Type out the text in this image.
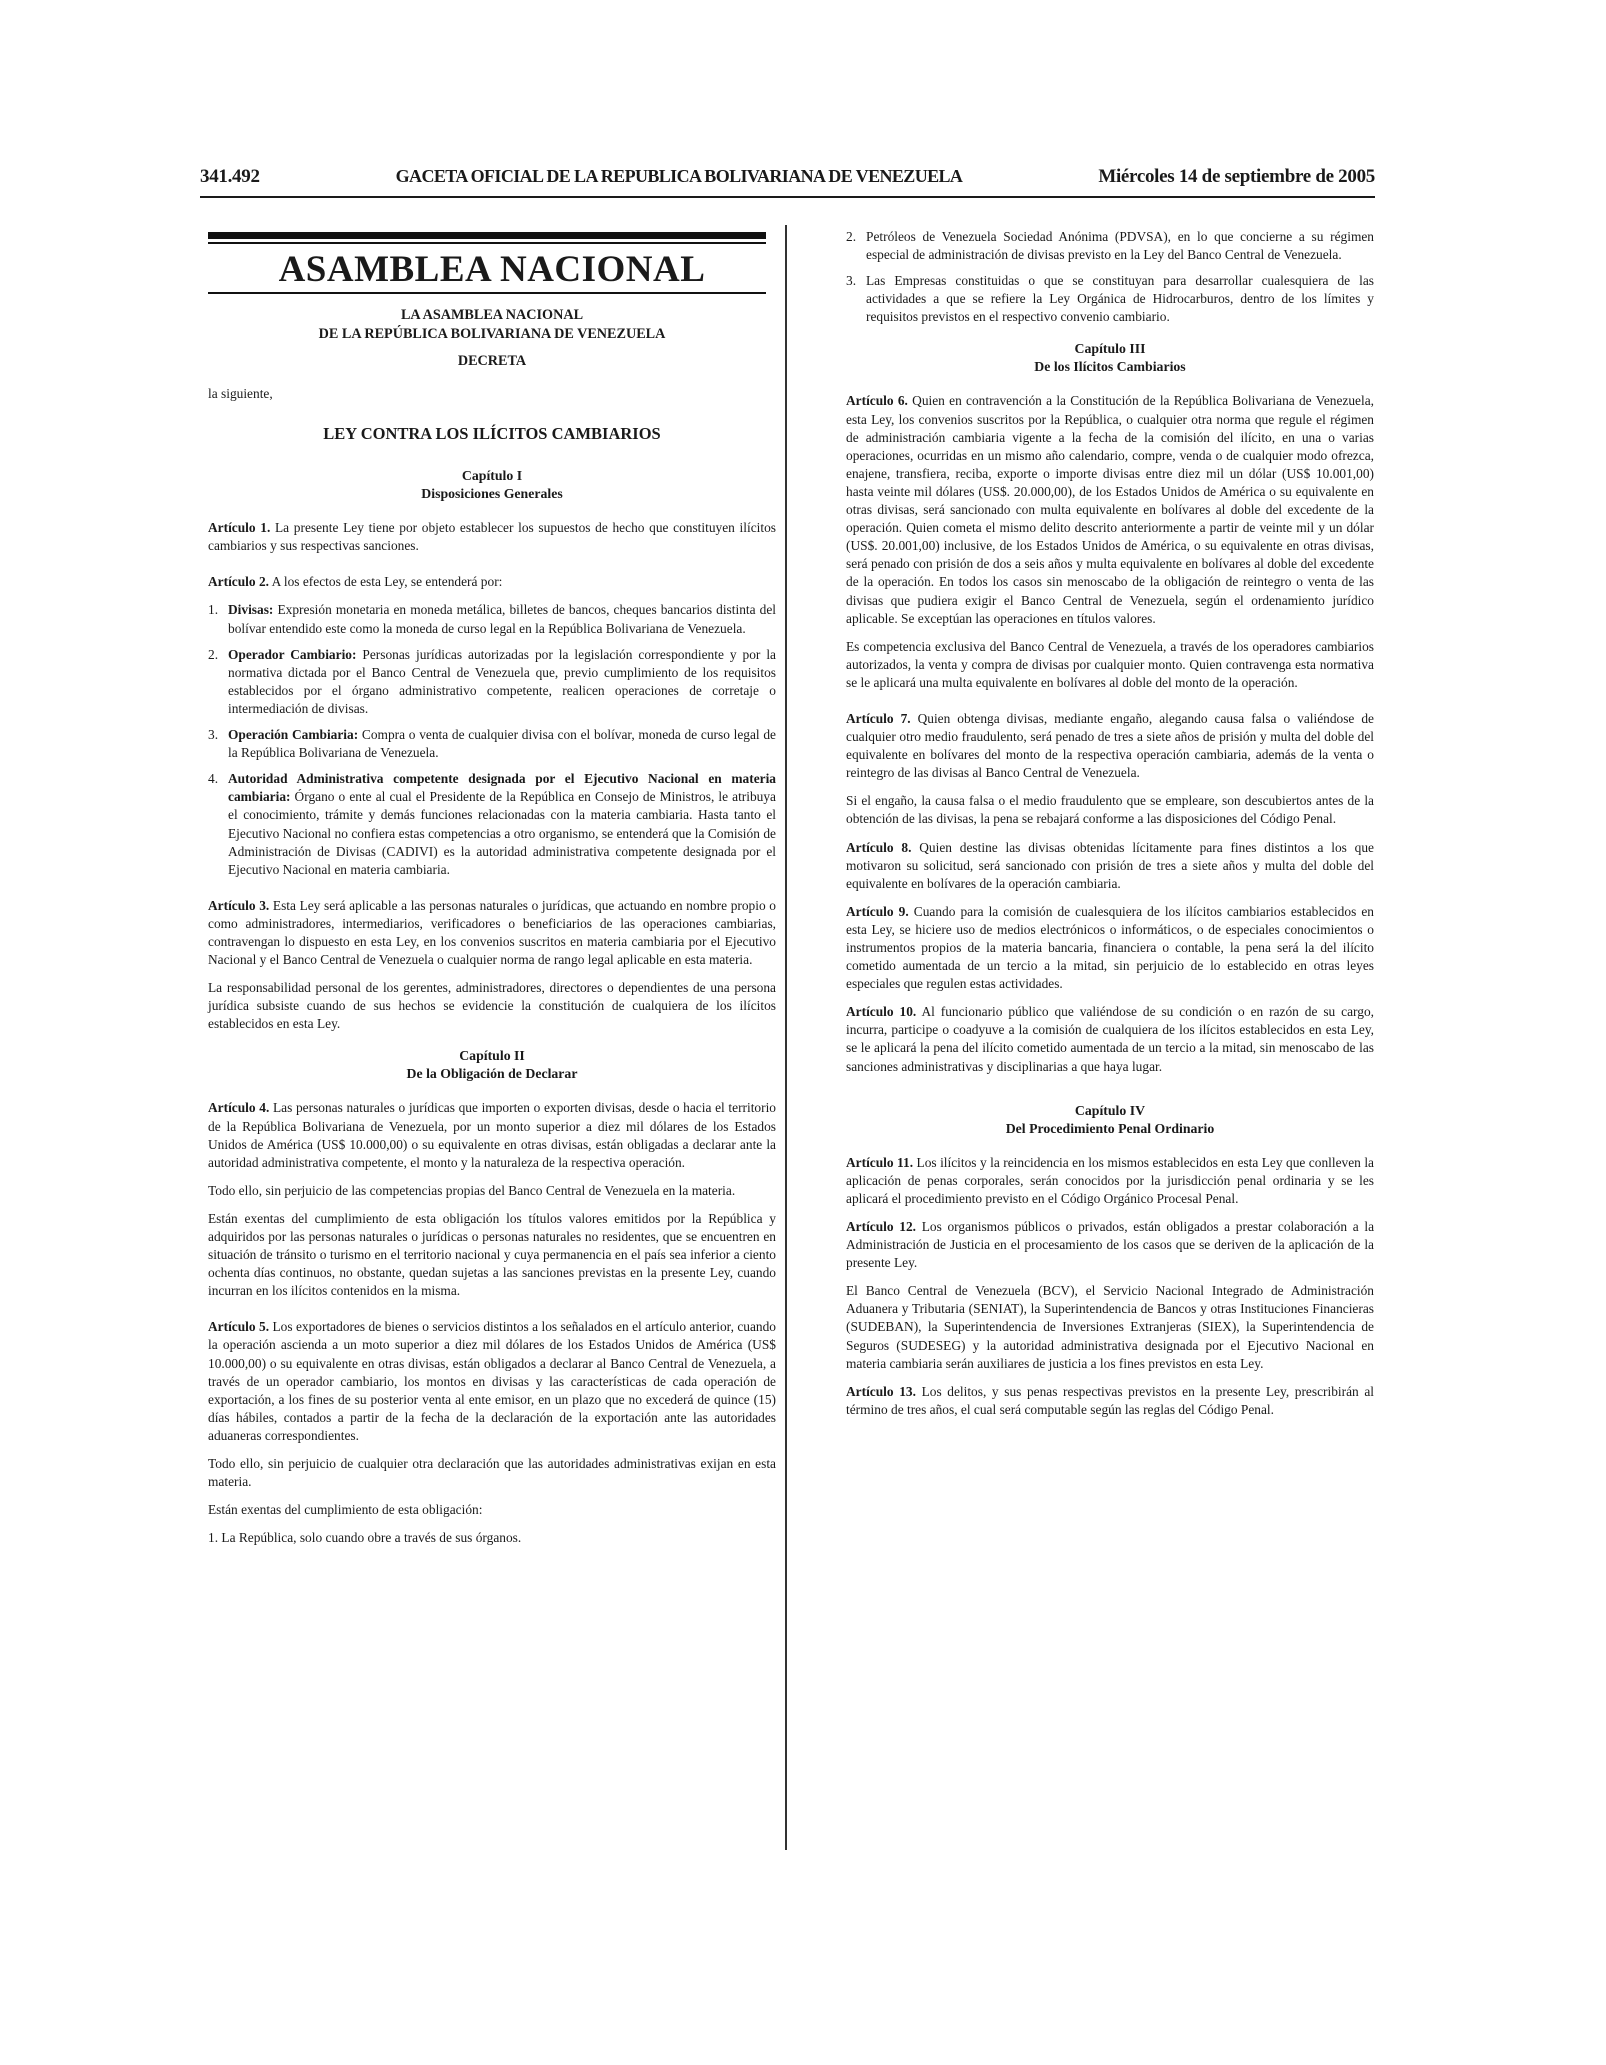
341.492	GACETA OFICIAL DE LA REPUBLICA BOLIVARIANA DE VENEZUELA	Miércoles 14 de septiembre de 2005
ASAMBLEA NACIONAL
LA ASAMBLEA NACIONAL
DE LA REPÚBLICA BOLIVARIANA DE VENEZUELA
DECRETA

la siguiente,

LEY CONTRA LOS ILÍCITOS CAMBIARIOS
Capítulo I
Disposiciones Generales

Artículo 1. La presente Ley tiene por objeto establecer los supuestos de hecho que constituyen ilícitos cambiarios y sus respectivas sanciones.

Artículo 2. A los efectos de esta Ley, se entenderá por:

1. Divisas: Expresión monetaria en moneda metálica, billetes de bancos, cheques bancarios distinta del bolívar entendido este como la moneda de curso legal en la República Bolivariana de Venezuela.
2. Operador Cambiario: Personas jurídicas autorizadas por la legislación correspondiente y por la normativa dictada por el Banco Central de Venezuela que, previo cumplimiento de los requisitos establecidos por el órgano administrativo competente, realicen operaciones de corretaje o intermediación de divisas.
3. Operación Cambiaria: Compra o venta de cualquier divisa con el bolívar, moneda de curso legal de la República Bolivariana de Venezuela.
4. Autoridad Administrativa competente designada por el Ejecutivo Nacional en materia cambiaria: Órgano o ente al cual el Presidente de la República en Consejo de Ministros, le atribuya el conocimiento, trámite y demás funciones relacionadas con la materia cambiaria. Hasta tanto el Ejecutivo Nacional no confiera estas competencias a otro organismo, se entenderá que la Comisión de Administración de Divisas (CADIVI) es la autoridad administrativa competente designada por el Ejecutivo Nacional en materia cambiaria.

Artículo 3. Esta Ley será aplicable a las personas naturales o jurídicas, que actuando en nombre propio o como administradores, intermediarios, verificadores o beneficiarios de las operaciones cambiarias, contravengan lo dispuesto en esta Ley, en los convenios suscritos en materia cambiaria por el Ejecutivo Nacional y el Banco Central de Venezuela o cualquier norma de rango legal aplicable en esta materia.

La responsabilidad personal de los gerentes, administradores, directores o dependientes de una persona jurídica subsiste cuando de sus hechos se evidencie la constitución de cualquiera de los ilícitos establecidos en esta Ley.

Capítulo II
De la Obligación de Declarar

Artículo 4. Las personas naturales o jurídicas que importen o exporten divisas, desde o hacia el territorio de la República Bolivariana de Venezuela, por un monto superior a diez mil dólares de los Estados Unidos de América (US$ 10.000,00) o su equivalente en otras divisas, están obligadas a declarar ante la autoridad administrativa competente, el monto y la naturaleza de la respectiva operación.

Todo ello, sin perjuicio de las competencias propias del Banco Central de Venezuela en la materia.

Están exentas del cumplimiento de esta obligación los títulos valores emitidos por la República y adquiridos por las personas naturales o jurídicas o personas naturales no residentes, que se encuentren en situación de tránsito o turismo en el territorio nacional y cuya permanencia en el país sea inferior a ciento ochenta días continuos, no obstante, quedan sujetas a las sanciones previstas en la presente Ley, cuando incurran en los ilícitos contenidos en la misma.

Artículo 5. Los exportadores de bienes o servicios distintos a los señalados en el artículo anterior, cuando la operación ascienda a un moto superior a diez mil dólares de los Estados Unidos de América (US$ 10.000,00) o su equivalente en otras divisas, están obligados a declarar al Banco Central de Venezuela, a través de un operador cambiario, los montos en divisas y las características de cada operación de exportación, a los fines de su posterior venta al ente emisor, en un plazo que no excederá de quince (15) días hábiles, contados a partir de la fecha de la declaración de la exportación ante las autoridades aduaneras correspondientes.

Todo ello, sin perjuicio de cualquier otra declaración que las autoridades administrativas exijan en esta materia.

Están exentas del cumplimiento de esta obligación:

1. La República, solo cuando obre a través de sus órganos.

2. Petróleos de Venezuela Sociedad Anónima (PDVSA), en lo que concierne a su régimen especial de administración de divisas previsto en la Ley del Banco Central de Venezuela.
3. Las Empresas constituidas o que se constituyan para desarrollar cualesquiera de las actividades a que se refiere la Ley Orgánica de Hidrocarburos, dentro de los límites y requisitos previstos en el respectivo convenio cambiario.
Capítulo III
De los Ilícitos Cambiarios

Artículo 6. Quien en contravención a la Constitución de la República Bolivariana de Venezuela, esta Ley, los convenios suscritos por la República, o cualquier otra norma que regule el régimen de administración cambiaria vigente a la fecha de la comisión del ilícito, en una o varias operaciones, ocurridas en un mismo año calendario, compre, venda o de cualquier modo ofrezca, enajene, transfiera, reciba, exporte o importe divisas entre diez mil un dólar (US$ 10.001,00) hasta veinte mil dólares (US$. 20.000,00), de los Estados Unidos de América o su equivalente en otras divisas, será sancionado con multa equivalente en bolívares al doble del excedente de la operación. Quien cometa el mismo delito descrito anteriormente a partir de veinte mil y un dólar (US$. 20.001,00) inclusive, de los Estados Unidos de América, o su equivalente en otras divisas, será penado con prisión de dos a seis años y multa equivalente en bolívares al doble del excedente de la operación. En todos los casos sin menoscabo de la obligación de reintegro o venta de las divisas que pudiera exigir el Banco Central de Venezuela, según el ordenamiento jurídico aplicable. Se exceptúan las operaciones en títulos valores.

Es competencia exclusiva del Banco Central de Venezuela, a través de los operadores cambiarios autorizados, la venta y compra de divisas por cualquier monto. Quien contravenga esta normativa se le aplicará una multa equivalente en bolívares al doble del monto de la operación.

Artículo 7. Quien obtenga divisas, mediante engaño, alegando causa falsa o valiéndose de cualquier otro medio fraudulento, será penado de tres a siete años de prisión y multa del doble del equivalente en bolívares del monto de la respectiva operación cambiaria, además de la venta o reintegro de las divisas al Banco Central de Venezuela.

Si el engaño, la causa falsa o el medio fraudulento que se empleare, son descubiertos antes de la obtención de las divisas, la pena se rebajará conforme a las disposiciones del Código Penal.

Artículo 8. Quien destine las divisas obtenidas lícitamente para fines distintos a los que motivaron su solicitud, será sancionado con prisión de tres a siete años y multa del doble del equivalente en bolívares de la operación cambiaria.

Artículo 9. Cuando para la comisión de cualesquiera de los ilícitos cambiarios establecidos en esta Ley, se hiciere uso de medios electrónicos o informáticos, o de especiales conocimientos o instrumentos propios de la materia bancaria, financiera o contable, la pena será la del ilícito cometido aumentada de un tercio a la mitad, sin perjuicio de lo establecido en otras leyes especiales que regulen estas actividades.

Artículo 10. Al funcionario público que valiéndose de su condición o en razón de su cargo, incurra, participe o coadyuve a la comisión de cualquiera de los ilícitos establecidos en esta Ley, se le aplicará la pena del ilícito cometido aumentada de un tercio a la mitad, sin menoscabo de las sanciones administrativas y disciplinarias a que haya lugar.

Capítulo IV
Del Procedimiento Penal Ordinario

Artículo 11. Los ilícitos y la reincidencia en los mismos establecidos en esta Ley que conlleven la aplicación de penas corporales, serán conocidos por la jurisdicción penal ordinaria y se les aplicará el procedimiento previsto en el Código Orgánico Procesal Penal.

Artículo 12. Los organismos públicos o privados, están obligados a prestar colaboración a la Administración de Justicia en el procesamiento de los casos que se deriven de la aplicación de la presente Ley.

El Banco Central de Venezuela (BCV), el Servicio Nacional Integrado de Administración Aduanera y Tributaria (SENIAT), la Superintendencia de Bancos y otras Instituciones Financieras (SUDEBAN), la Superintendencia de Inversiones Extranjeras (SIEX), la Superintendencia de Seguros (SUDESEG) y la autoridad administrativa designada por el Ejecutivo Nacional en materia cambiaria serán auxiliares de justicia a los fines previstos en esta Ley.

Artículo 13. Los delitos, y sus penas respectivas previstos en la presente Ley, prescribirán al término de tres años, el cual será computable según las reglas del Código Penal.
